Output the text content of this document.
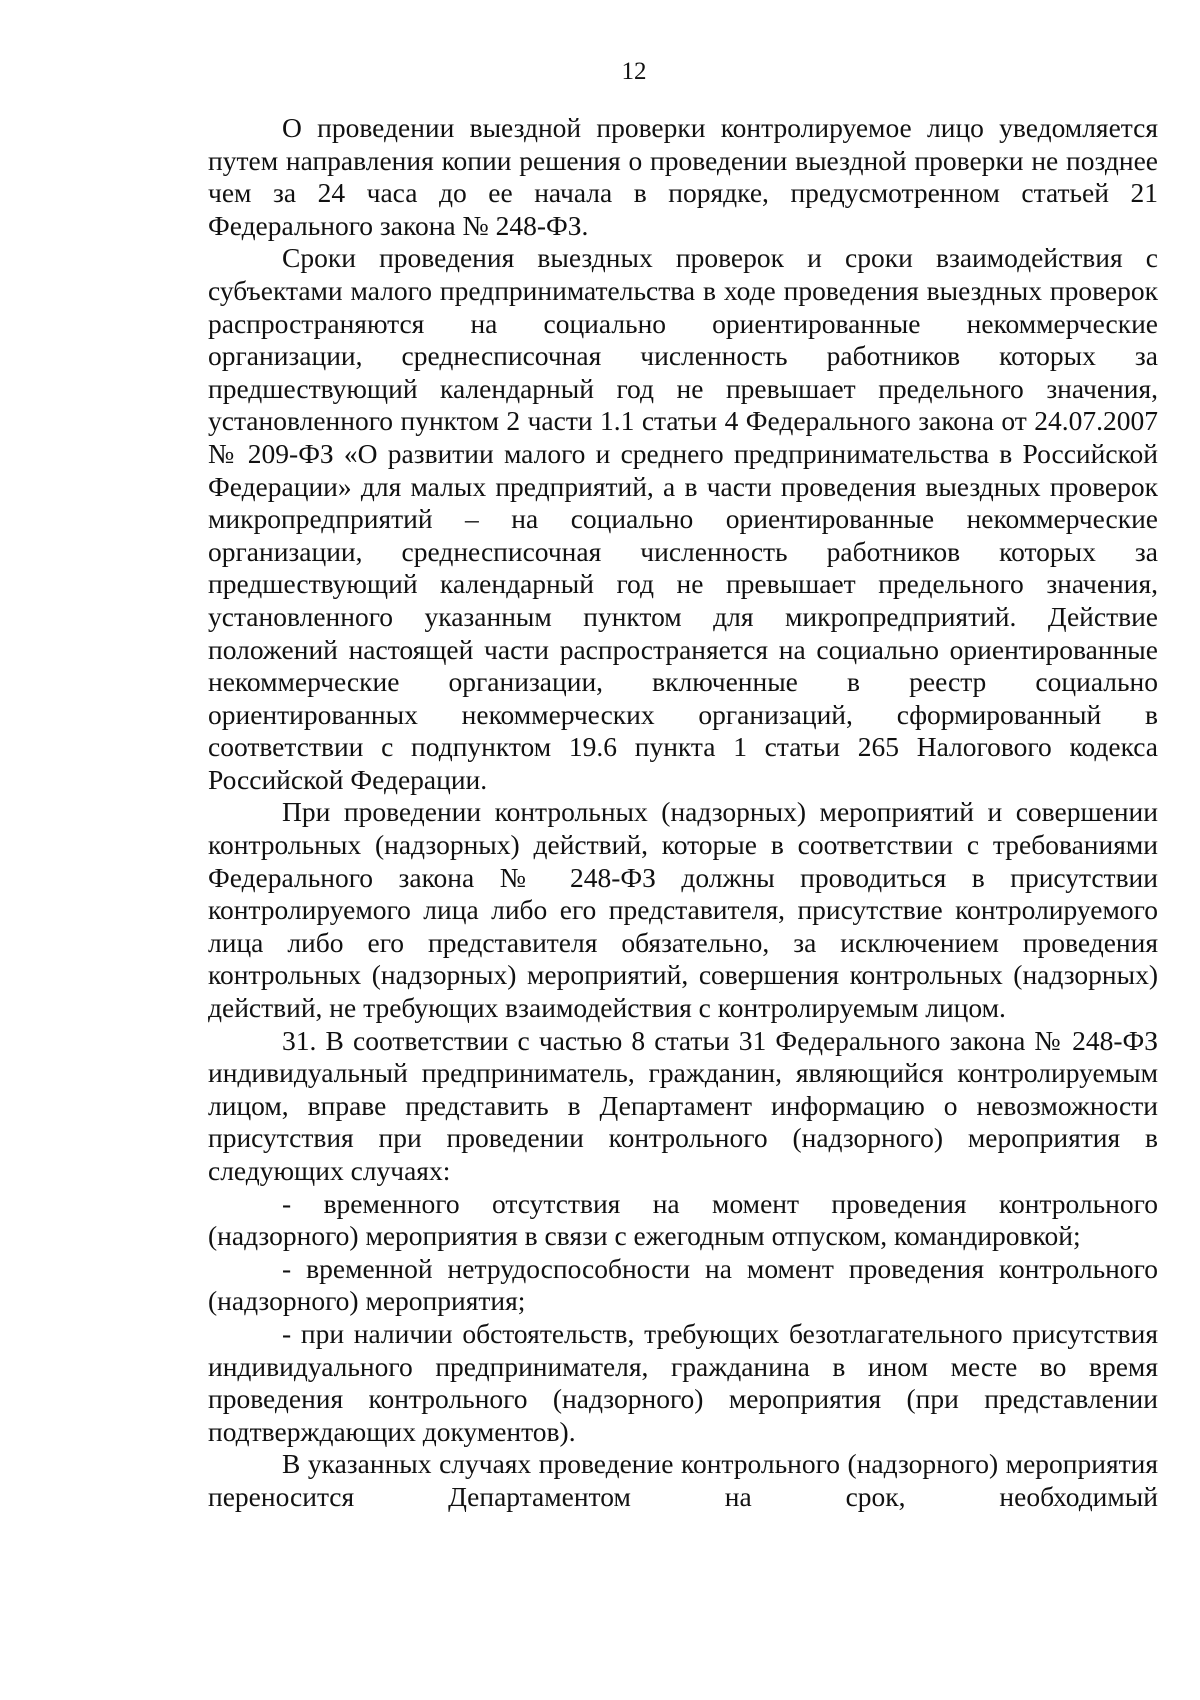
12

О проведении выездной проверки контролируемое лицо уведомляется путем направления копии решения о проведении выездной проверки не позднее чем за 24 часа до ее начала в порядке, предусмотренном статьей 21 Федерального закона № 248-ФЗ.

Сроки проведения выездных проверок и сроки взаимодействия с субъектами малого предпринимательства в ходе проведения выездных проверок распространяются на социально ориентированные некоммерческие организации, среднесписочная численность работников которых за предшествующий календарный год не превышает предельного значения, установленного пунктом 2 части 1.1 статьи 4 Федерального закона от 24.07.2007 № 209-ФЗ «О развитии малого и среднего предпринимательства в Российской Федерации» для малых предприятий, а в части проведения выездных проверок микропредприятий – на социально ориентированные некоммерческие организации, среднесписочная численность работников которых за предшествующий календарный год не превышает предельного значения, установленного указанным пунктом для микропредприятий. Действие положений настоящей части распространяется на социально ориентированные некоммерческие организации, включенные в реестр социально ориентированных некоммерческих организаций, сформированный в соответствии с подпунктом 19.6 пункта 1 статьи 265 Налогового кодекса Российской Федерации.

При проведении контрольных (надзорных) мероприятий и совершении контрольных (надзорных) действий, которые в соответствии с требованиями Федерального закона № 248-ФЗ должны проводиться в присутствии контролируемого лица либо его представителя, присутствие контролируемого лица либо его представителя обязательно, за исключением проведения контрольных (надзорных) мероприятий, совершения контрольных (надзорных) действий, не требующих взаимодействия с контролируемым лицом.

31. В соответствии с частью 8 статьи 31 Федерального закона № 248-ФЗ индивидуальный предприниматель, гражданин, являющийся контролируемым лицом, вправе представить в Департамент информацию о невозможности присутствия при проведении контрольного (надзорного) мероприятия в следующих случаях:

- временного отсутствия на момент проведения контрольного (надзорного) мероприятия в связи с ежегодным отпуском, командировкой;

- временной нетрудоспособности на момент проведения контрольного (надзорного) мероприятия;

- при наличии обстоятельств, требующих безотлагательного присутствия индивидуального предпринимателя, гражданина в ином месте во время проведения контрольного (надзорного) мероприятия (при представлении подтверждающих документов).

В указанных случаях проведение контрольного (надзорного) мероприятия переносится Департаментом на срок, необходимый
